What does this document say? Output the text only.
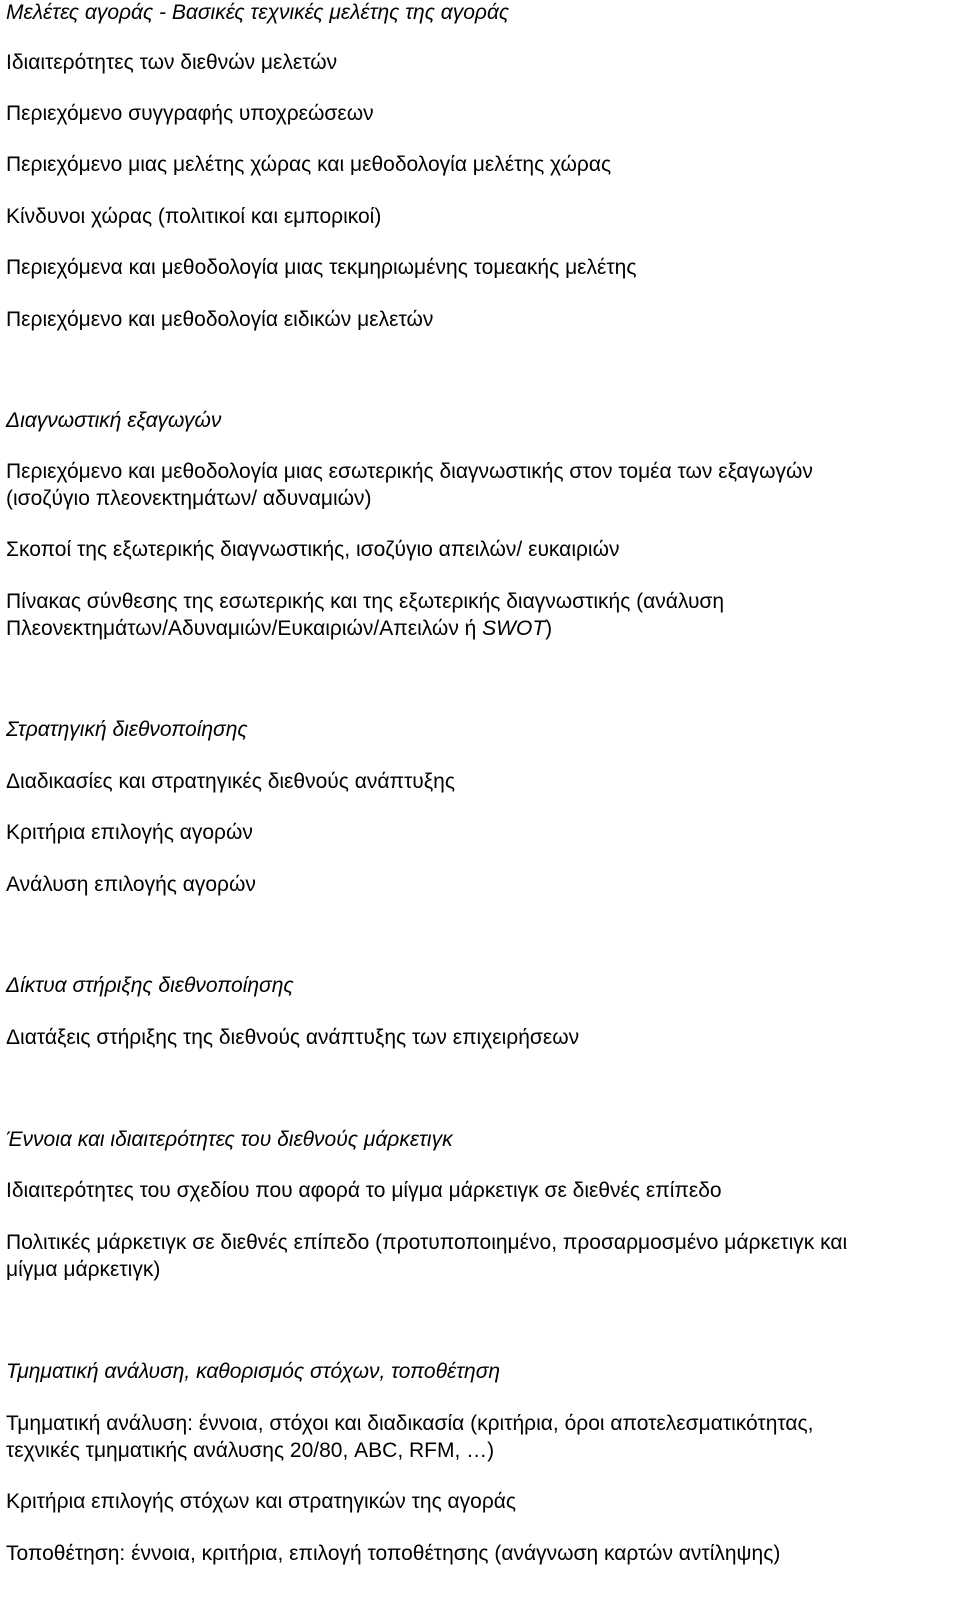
Μελέτες αγοράς - Βασικές τεχνικές μελέτης της αγοράς

Ιδιαιτερότητες των διεθνών μελετών

Περιεχόμενο συγγραφής υποχρεώσεων

Περιεχόμενο μιας μελέτης χώρας και μεθοδολογία μελέτης χώρας

Κίνδυνοι χώρας (πολιτικοί και εμπορικοί)

Περιεχόμενα και μεθοδολογία μιας τεκμηριωμένης τομεακής μελέτης

Περιεχόμενο και μεθοδολογία ειδικών μελετών

Διαγνωστική εξαγωγών

Περιεχόμενο και μεθοδολογία μιας εσωτερικής διαγνωστικής στον τομέα των εξαγωγών

(ισοζύγιο πλεονεκτημάτων/ αδυναμιών)

Σκοποί της εξωτερικής διαγνωστικής, ισοζύγιο απειλών/ ευκαιριών

Πίνακας σύνθεσης της εσωτερικής και της εξωτερικής διαγνωστικής (ανάλυση

Πλεονεκτημάτων/Αδυναμιών/Ευκαιριών/Απειλών ή SWOT)

Στρατηγική διεθνοποίησης

Διαδικασίες και στρατηγικές διεθνούς ανάπτυξης

Κριτήρια επιλογής αγορών

Ανάλυση επιλογής αγορών

Δίκτυα στήριξης διεθνοποίησης

Διατάξεις στήριξης της διεθνούς ανάπτυξης των επιχειρήσεων

Έννοια και ιδιαιτερότητες του διεθνούς μάρκετιγκ

Ιδιαιτερότητες του σχεδίου που αφορά το μίγμα μάρκετιγκ σε διεθνές επίπεδο

Πολιτικές μάρκετιγκ σε διεθνές επίπεδο (προτυποποιημένο, προσαρμοσμένο μάρκετιγκ και

μίγμα μάρκετιγκ)

Τμηματική ανάλυση, καθορισμός στόχων, τοποθέτηση

Τμηματική ανάλυση: έννοια, στόχοι και διαδικασία (κριτήρια, όροι αποτελεσματικότητας,

τεχνικές τμηματικής ανάλυσης 20/80, ABC, RFM, …)

Κριτήρια επιλογής στόχων και στρατηγικών της αγοράς

Τοποθέτηση: έννοια, κριτήρια, επιλογή τοποθέτησης (ανάγνωση καρτών αντίληψης)
